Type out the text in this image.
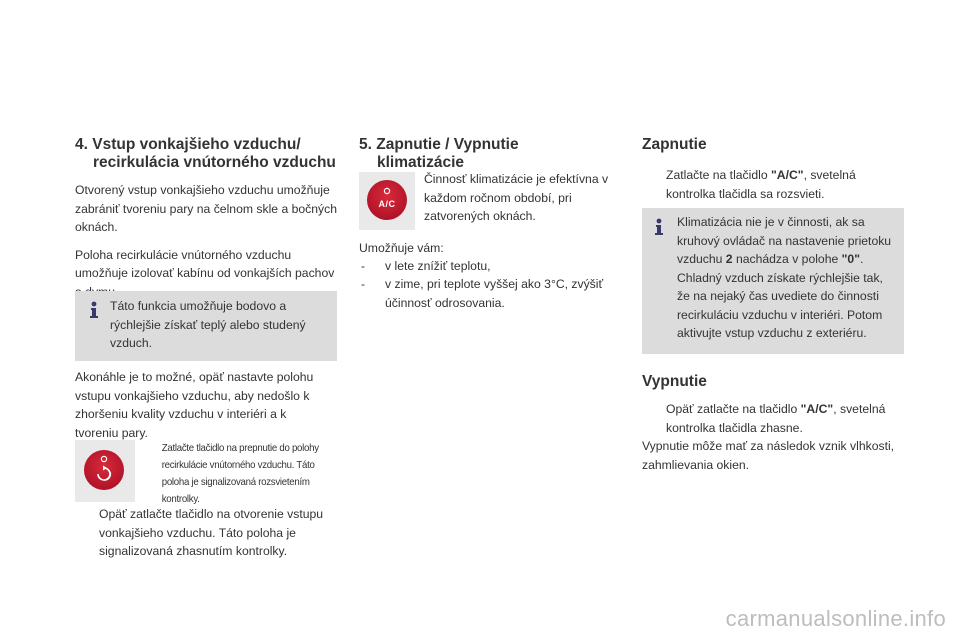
4. Vstup vonkajšieho vzduchu/
recirkulácia vnútorného vzduchu
Otvorený vstup vonkajšieho vzduchu umožňuje zabrániť tvoreniu pary na čelnom skle a bočných oknách.
Poloha recirkulácie vnútorného vzduchu umožňuje izolovať kabínu od vonkajších pachov
Táto funkcia umožňuje bodovo a rýchlejšie získať teplý alebo studený vzduch.
Akonáhle je to možné, opäť nastavte polohu vstupu vonkajšieho vzduchu, aby nedošlo k zhoršeniu kvality vzduchu v interiéri a k tvoreniu pary.
Zatlačte tlačidlo na prepnutie do polohy recirkulácie vnútorného vzduchu. Táto poloha je signalizovaná rozsvietením kontrolky.
Opäť zatlačte tlačidlo na otvorenie vstupu vonkajšieho vzduchu. Táto poloha je signalizovaná zhasnutím kontrolky.
5. Zapnutie / Vypnutie
klimatizácie
A/C
Činnosť klimatizácie je efektívna v každom ročnom období, pri zatvorených oknách.
Umožňuje vám:
- v lete znížiť teplotu,
- v zime, pri teplote vyššej ako 3°C, zvýšiť účinnosť odrosovania.
Zapnutie
Zatlačte na tlačidlo "A/C", svetelná kontrolka tlačidla sa rozsvieti.
Klimatizácia nie je v činnosti, ak sa kruhový ovládač na nastavenie prietoku vzduchu 2 nachádza v polohe "0". Chladný vzduch získate rýchlejšie tak, že na nejaký čas uvediete do činnosti recirkuláciu vzduchu v interiéri. Potom aktivujte vstup vzduchu z exteriéru.
Vypnutie
Opäť zatlačte na tlačidlo "A/C", svetelná kontrolka tlačidla zhasne.
Vypnutie môže mať za následok vznik vlhkosti, zahmlievania okien.
carmanualsonline.info
